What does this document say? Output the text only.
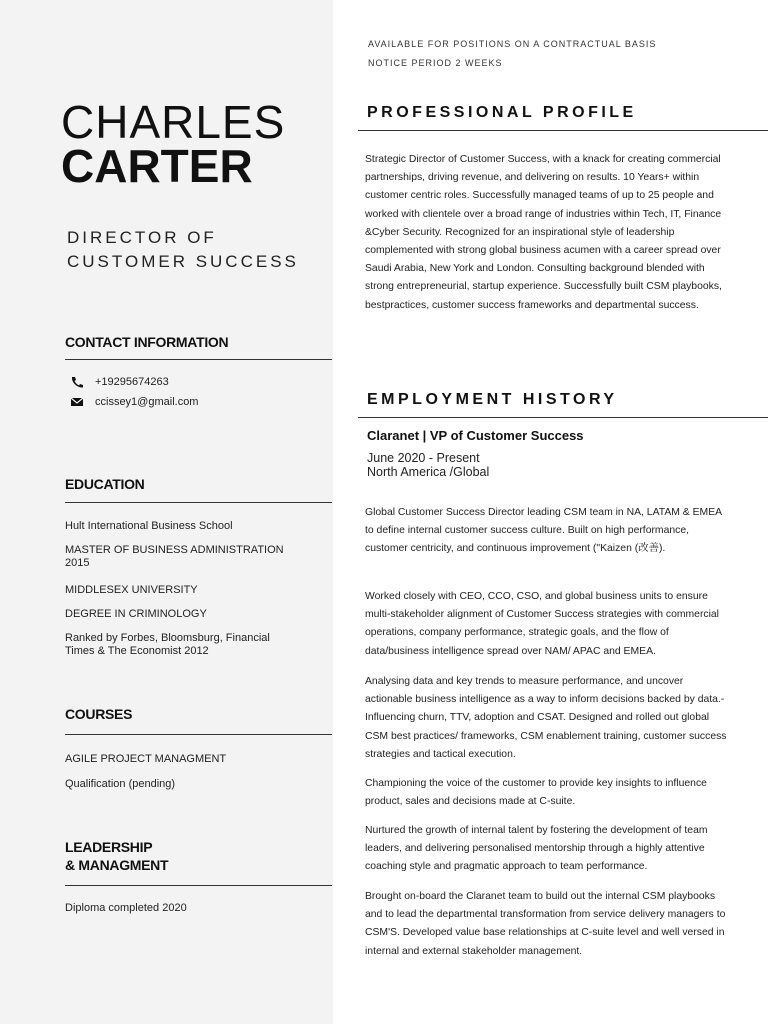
CHARLES
CARTER
DIRECTOR OF
CUSTOMER SUCCESS
CONTACT INFORMATION
+19295674263
ccissey1@gmail.com
EDUCATION
Hult International Business School
MASTER OF BUSINESS ADMINISTRATION
2015
MIDDLESEX UNIVERSITY
DEGREE IN CRIMINOLOGY
Ranked by Forbes, Bloomsburg, Financial
Times & The Economist 2012
COURSES
AGILE PROJECT MANAGMENT
Qualification (pending)
LEADERSHIP
& MANAGMENT
Diploma completed 2020
AVAILABLE FOR POSITIONS ON A CONTRACTUAL BASIS
NOTICE PERIOD 2 WEEKS
PROFESSIONAL PROFILE
Strategic Director of Customer Success, with a knack for creating commercial partnerships, driving revenue, and delivering on results. 10 Years+ within customer centric roles. Successfully managed teams of up to 25 people and worked with clientele over a broad range of industries within Tech, IT, Finance &Cyber Security. Recognized for an inspirational style of leadership complemented with strong global business acumen with a career spread over Saudi Arabia, New York and London. Consulting background blended with strong entrepreneurial, startup experience. Successfully built CSM playbooks, bestpractices, customer success frameworks and departmental success.
EMPLOYMENT HISTORY
Claranet | VP of Customer Success
June 2020 - Present
North America /Global
Global Customer Success Director leading CSM team in NA, LATAM & EMEA to define internal customer success culture. Built on high performance, customer centricity, and continuous improvement ("Kaizen (改善).
Worked closely with CEO, CCO, CSO, and global business units to ensure multi-stakeholder alignment of Customer Success strategies with commercial operations, company performance, strategic goals, and the flow of data/business intelligence spread over NAM/ APAC and EMEA.
Analysing data and key trends to measure performance, and uncover actionable business intelligence as a way to inform decisions backed by data.- Influencing churn, TTV, adoption and CSAT. Designed and rolled out global CSM best practices/ frameworks, CSM enablement training, customer success strategies and tactical execution.
Championing the voice of the customer to provide key insights to influence product, sales and decisions made at C-suite.
Nurtured the growth of internal talent by fostering the development of team leaders, and delivering personalised mentorship through a highly attentive coaching style and pragmatic approach to team performance.
Brought on-board the Claranet team to build out the internal CSM playbooks and to lead the departmental transformation from service delivery managers to CSM'S. Developed value base relationships at C-suite level and well versed in internal and external stakeholder management.
